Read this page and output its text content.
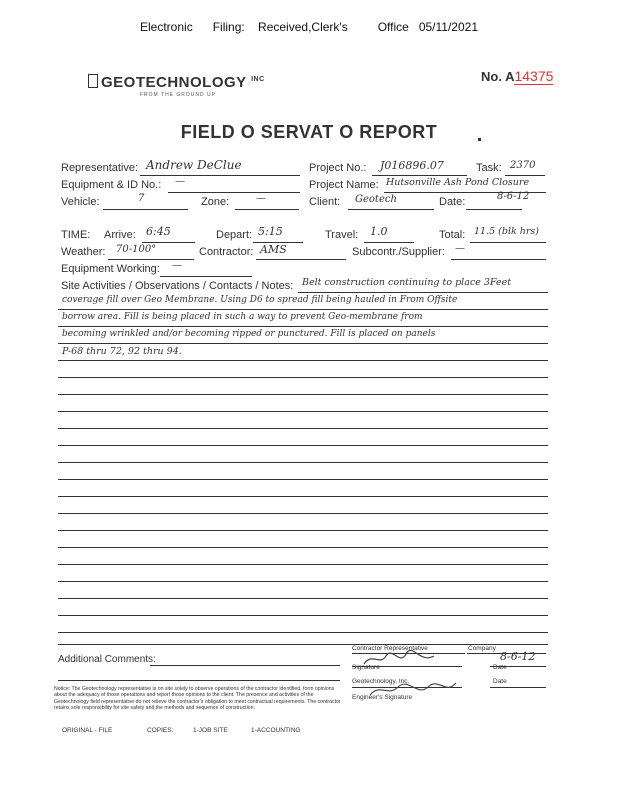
Electronic      Filing:    Received,Clerk's         Office   05/11/2021
No. A14375
GEOTECHNOLOGY $^{INC}$
FROM THE GROUND UP
FIELD O SERVAT O REPORT
Representative: Andrew DeClue	Project No.: J016896.07	Task: 2370
Equipment & ID No.: —	Project Name: Hutsonville Ash Pond Closure
Vehicle:	7	Zone:	—	Client: Geotech	Date:	8-6-12
TIME: Arrive: 6:45	Depart: 5:15	Travel: 1.0	Total: 11.5 (blk hrs)
Weather: 70-100°	Contractor: AMS	Subcontr./Supplier: —
Equipment Working: —
Site Activities / Observations / Contacts / Notes: Belt construction continuing to place 3Feet
coverage fill over Geo Membrane. Using D6 to spread fill being hauled in From Offsite
borrow area. Fill is being placed in such a way to prevent Geo-membrane from
becoming wrinkled and/or becoming ripped or punctured. Fill is placed on panels
P-68 thru 72, 92 thru 94.
Additional Comments:
Contractor Representative	Company
8-6-12
Signature	Date
Geotechnology, Inc.	Date
Engineer's Signature
Notice: The Geotechnology representative is on site solely to observe operations of the contractor identified, form opinions about the adequacy of those operations and report those opinions to the client. The presence and activities of the Geotechnology field representative do not relieve the contractor's obligation to meet contractual requirements. The contractor retains sole responsibility for site safety and the methods and sequence of construction.
ORIGINAL - FILE	COPIES:	1-JOB SITE	1-ACCOUNTING
